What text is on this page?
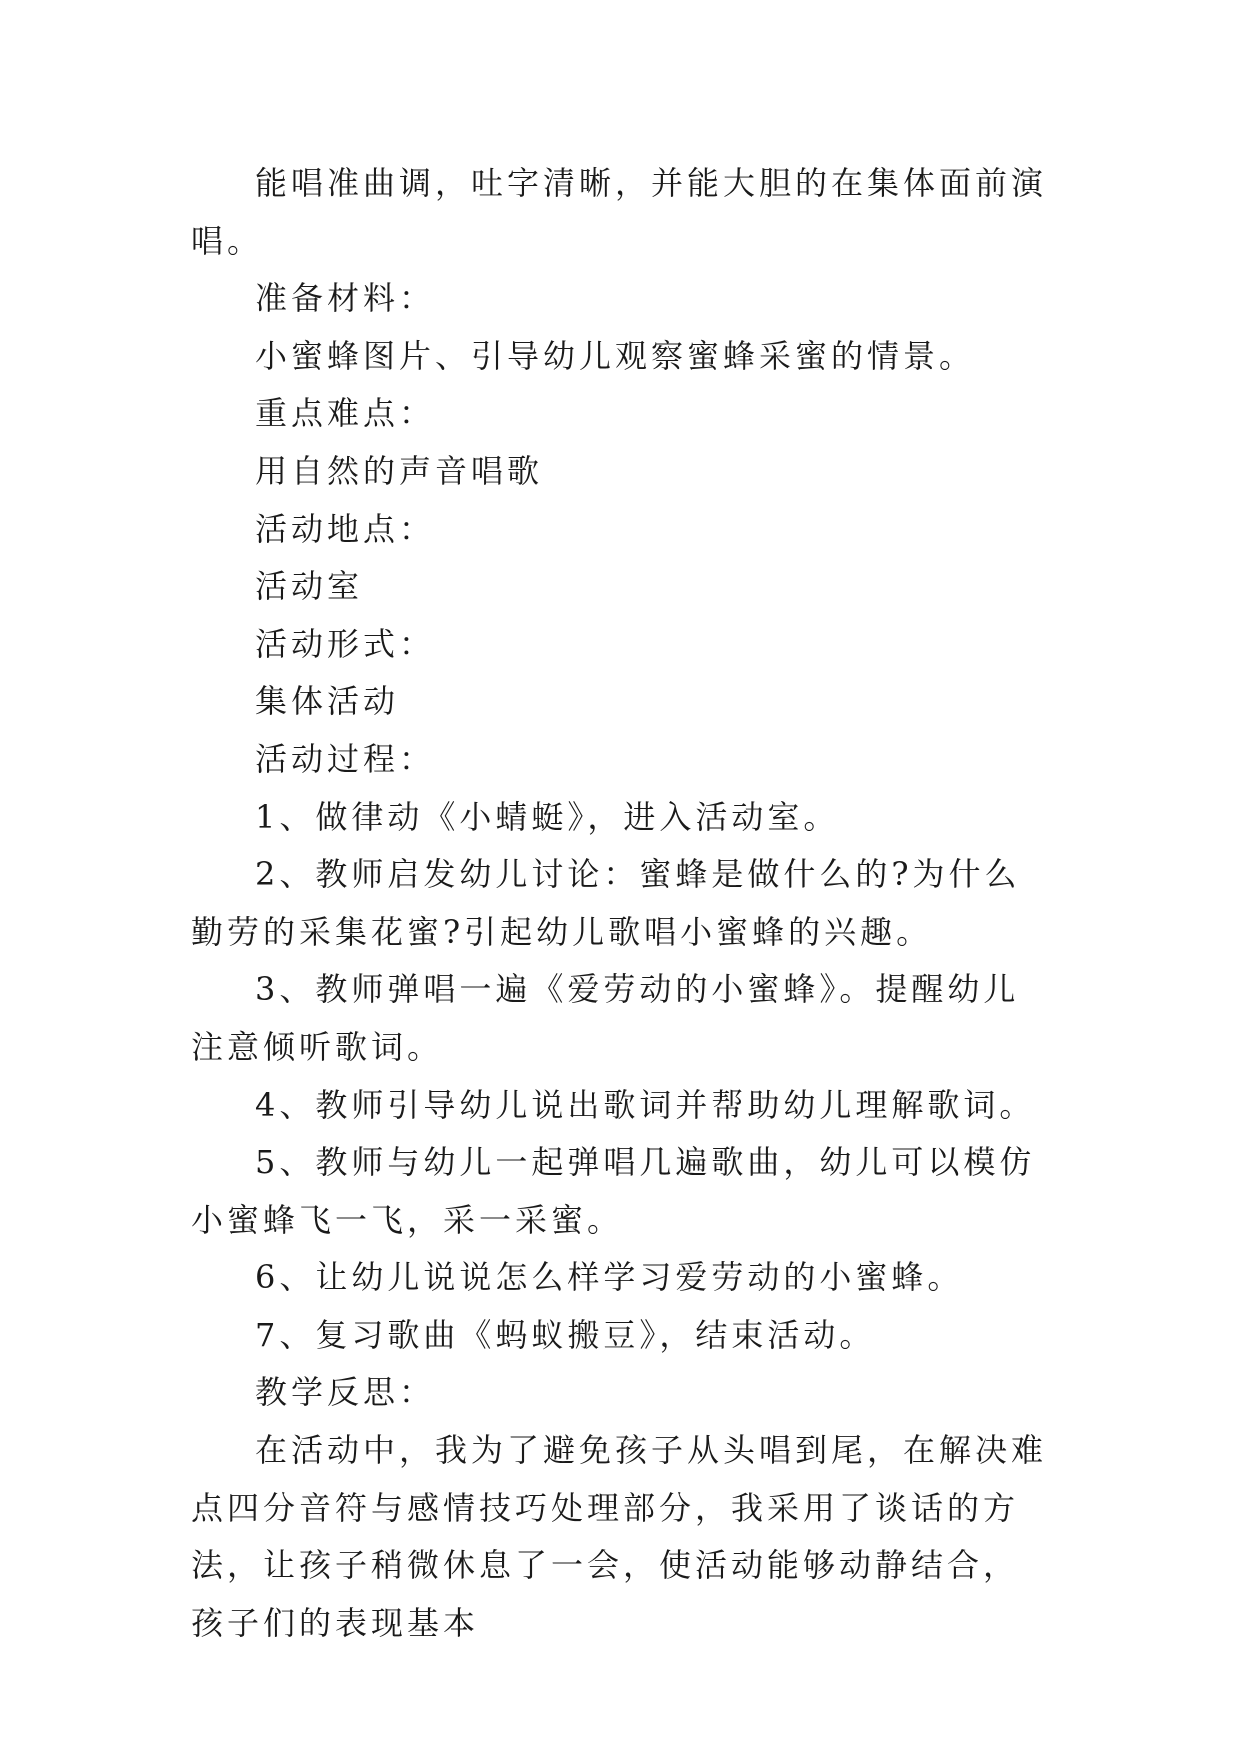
能唱准曲调，吐字清晰，并能大胆的在集体面前演唱。

准备材料：

小蜜蜂图片、引导幼儿观察蜜蜂采蜜的情景。

重点难点：

用自然的声音唱歌

活动地点：

活动室

活动形式：

集体活动

活动过程：

1、做律动《小蜻蜓》，进入活动室。

2、教师启发幼儿讨论：蜜蜂是做什么的?为什么勤劳的采集花蜜?引起幼儿歌唱小蜜蜂的兴趣。

3、教师弹唱一遍《爱劳动的小蜜蜂》。提醒幼儿注意倾听歌词。

4、教师引导幼儿说出歌词并帮助幼儿理解歌词。

5、教师与幼儿一起弹唱几遍歌曲，幼儿可以模仿小蜜蜂飞一飞，采一采蜜。

6、让幼儿说说怎么样学习爱劳动的小蜜蜂。

7、复习歌曲《蚂蚁搬豆》，结束活动。

教学反思：

在活动中，我为了避免孩子从头唱到尾，在解决难点四分音符与感情技巧处理部分，我采用了谈话的方法，让孩子稍微休息了一会，使活动能够动静结合，孩子们的表现基本
